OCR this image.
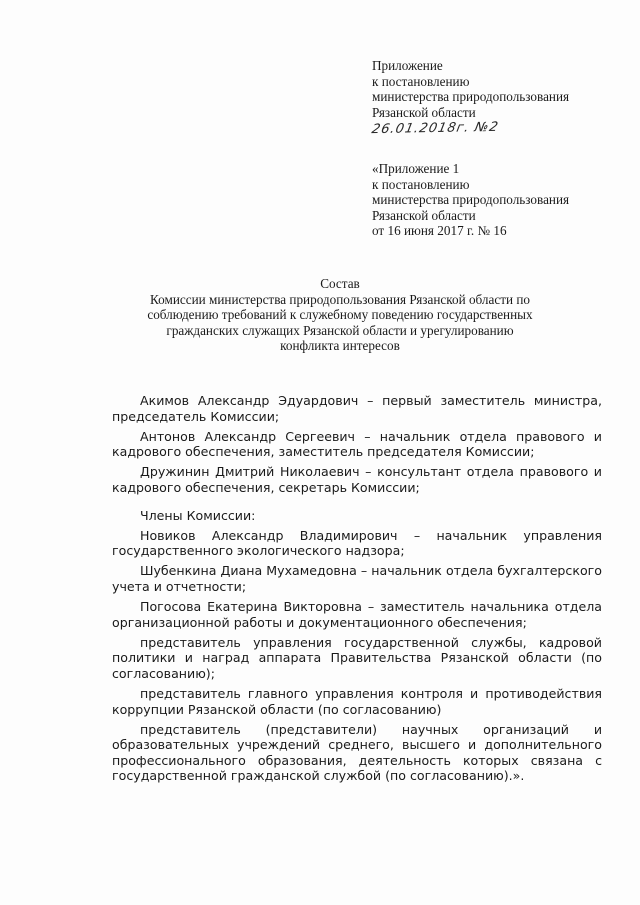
Приложение
к постановлению
министерства природопользования
Рязанской области
26.01.2018г. №2
«Приложение 1
к постановлению
министерства природопользования
Рязанской области
от 16 июня 2017 г. № 16
Состав
Комиссии министерства природопользования Рязанской области по
соблюдению требований к служебному поведению государственных
гражданских служащих Рязанской области и урегулированию
конфликта интересов

Акимов Александр Эдуардович – первый заместитель министра, председатель Комиссии;

Антонов Александр Сергеевич – начальник отдела правового и кадрового обеспечения, заместитель председателя Комиссии;

Дружинин Дмитрий Николаевич – консультант отдела правового и кадрового обеспечения, секретарь Комиссии;

Члены Комиссии:

Новиков Александр Владимирович – начальник управления государственного экологического надзора;

Шубенкина Диана Мухамедовна – начальник отдела бухгалтерского учета и отчетности;

Погосова Екатерина Викторовна – заместитель начальника отдела организационной работы и документационного обеспечения;

представитель управления государственной службы, кадровой политики и наград аппарата Правительства Рязанской области (по согласованию);

представитель главного управления контроля и противодействия коррупции Рязанской области (по согласованию)

представитель (представители) научных организаций и образовательных учреждений среднего, высшего и дополнительного профессионального образования, деятельность которых связана с государственной гражданской службой (по согласованию).».
